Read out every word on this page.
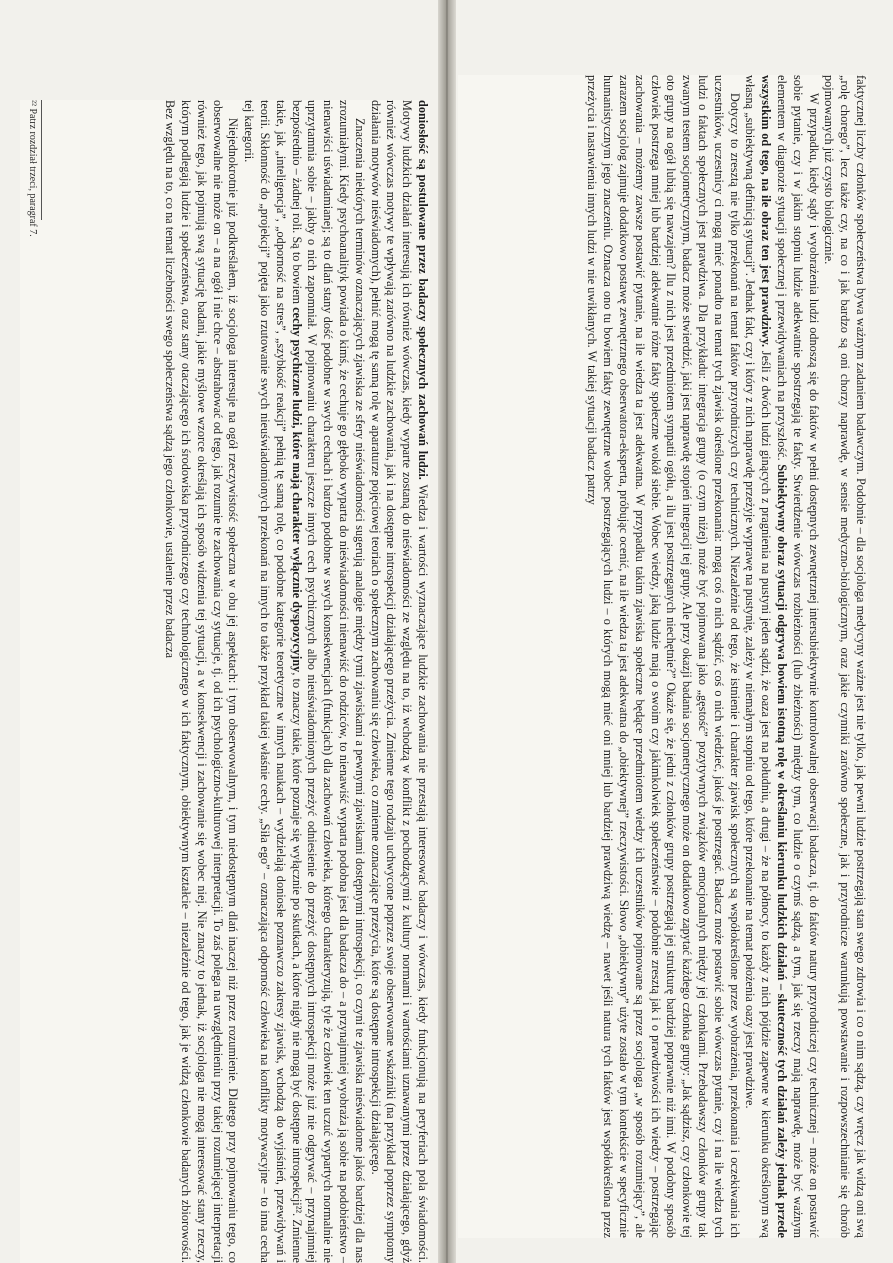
doniosłość są postulowane przez badaczy społecznych zachowań ludzi. Wiedza i wartości wyznaczające ludzkie zachowania nie przestają interesować badaczy i wówczas, kiedy funkcjonują na peryferiach pola świadomości. Motywy ludzkich działań interesują ich również wówczas, kiedy wyparte zostaną do nieświadomości ze względu na to, iż wchodzą w konflikt z pochodzącymi z kultury normami i wartościami uznawanymi przez działającego, gdyż również wówczas motywy te wpływają zarówno na ludzkie zachowania, jak i na dostępne introspekcji działającego przeżycia. Zmienne tego rodzaju uchwycone poprzez swoje obserwowane wskaźniki (na przykład poprzez symptomy działania motywów nieświadomych), pełnić mogą tę samą rolę w aparaturze pojęciowej teoriach o społecznym zachowaniu się człowieka, co zmienne oznaczające przeżycia, które są dostępne introspekcji działającego.

Znaczenia niektórych terminów oznaczających zjawiska ze sfery nieświadomości sugerują analogie między tymi zjawiskami a pewnymi zjawiskami dostępnymi introspekcji, co czyni te zjawiska nieświadome jakoś bardziej dla nas zrozumiałymi. Kiedy psychoanalityk powiada o kimś, że cechuje go głęboko wyparta do nieświadomości nienawiść do rodziców, to nienawiść wyparta podobna jest dla badacza do – a przynajmniej wyobraża ją sobie na podobieństwo – nienawiści uświadamianej; są to dlań stany dość podobne w swych cechach i bardzo podobne w swych konsekwencjach (funkcjach) dla zachowań człowieka, którego charakteryzują, tyle że człowiek ten uczuć wypartych normalnie nie uprzytamnia sobie – jakby o nich zapomniał. W pojmowaniu charakteru jeszcze innych cech psychicznych albo nieuświadomionych przeżyć odniesienie do przeżyć dostępnych introspekcji może już nie odgrywać – przynajmniej bezpośrednio – żadnej roli. Są to bowiem cechy psychiczne ludzi, które mają charakter wyłącznie dyspozycyjny, to znaczy takie, które poznaje się wyłącznie po skutkach, a które nigdy nie mogą być dostępne introspekcji²². Zmienne takie, jak „inteligencja”, „odporność na stres”, „szybkość reakcji” pełnią tę samą rolę, co podobne kategorie teoretyczne w innych naukach – wydzielają doniosłe poznawczo zakresy zjawisk, wchodzą do wyjaśnień, przewidywań i teorii. Skłonność do „projekcji” pojęta jako rzutowanie swych nieuświadomionych przekonań na innych to także przykład takiej właśnie cechy. „Siła ego” – oznaczająca odporność człowieka na konflikty motywacyjne – to inna cecha tej kategorii.

Niejednokrotnie już podkreślałem, iż socjologa interesuje na ogół rzeczywistość społeczna w obu jej aspektach: i tym obserwowalnym, i tym niedostępnym dlań inaczej niż przez rozumienie. Dlatego przy pojmowaniu tego, co obserwowalne nie może on – a na ogół i nie chce – abstrahować od tego, jak rozumie te zachowania czy sytuacje, tj. od ich psychologiczno-kulturowej interpretacji. To zaś polega na uwzględnieniu przy takiej rozumiejącej interpretacji również tego, jak pojmują swą sytuację badani, jakie myślowe wzorce określają ich sposób widzenia tej sytuacji, a w konsekwencji i zachowanie się wobec niej. Nie znaczy to jednak, iż socjologa nie mogą interesować stany rzeczy, którym podlegają ludzie i społeczeństwa, oraz stany otaczającego ich środowiska przyrodniczego czy technologicznego w ich faktycznym, obiektywnym kształcie – niezależnie od tego, jak je widzą członkowie badanych zbiorowości. Bez względu na to, co na temat liczebności swego społeczeństwa sądzą jego członkowie, ustalenie przez badacza

²² Patrz rozdział trzeci, paragraf 7.	faktycznej liczby członków społeczeństwa bywa ważnym zadaniem badawczym. Podobnie – dla socjologa medycyny ważne jest nie tylko, jak pewni ludzie postrzegają stan swego zdrowia i co o nim sądzą, czy wręcz jak widzą oni swą „rolę chorego”, lecz także czy, na co i jak bardzo są oni chorzy naprawdę, w sensie medyczno-biologicznym, oraz jakie czynniki zarówno społeczne, jak i przyrodnicze warunkują powstawanie i rozpowszechnianie się chorób pojmowanych już czysto biologicznie.

W przypadku, kiedy sądy i wyobrażenia ludzi odnoszą się do faktów w pełni dostępnych zewnętrznej intersubiektywnie kontrolowalnej obserwacji badacza, tj. do faktów natury przyrodniczej czy technicznej – może on postawić sobie pytanie, czy i w jakim stopniu ludzie adekwatnie spostrzegają te fakty. Stwierdzenie wówczas rozbieżności (lub zbieżności) między tym, co ludzie o czymś sądzą, a tym, jak się rzeczy mają naprawdę, może być ważnym elementem w diagnozie sytuacji społecznej i przewidywaniach na przyszłość. Subiektywny obraz sytuacji odgrywa bowiem istotną rolę w określaniu kierunku ludzkich działań – skuteczność tych działań zależy jednak przede wszystkim od tego, na ile obraz ten jest prawdziwy. Jeśli z dwóch ludzi ginących z pragnienia na pustyni jeden sądzi, że oaza jest na południu, a drugi – że na północy, to każdy z nich pójdzie zapewne w kierunku określonym swą własną „subiektywną definicją sytuacji”. Jednak fakt, czy i który z nich naprawdę przeżyje wyprawę na pustynię, zależy w niemałym stopniu od tego, które przekonanie na temat położenia oazy jest prawdziwe.

Dotyczy to zresztą nie tylko przekonań na temat faktów przyrodniczych czy technicznych. Niezależnie od tego, że istnienie i charakter zjawisk społecznych są współokreślone przez wyobrażenia, przekonania i oczekiwania ich uczestników, uczestnicy ci mogą mieć ponadto na temat tych zjawisk określone przekonania: mogą coś o nich sądzić, coś o nich wiedzieć, jakoś je postrzegać. Badacz może postawić sobie wówczas pytanie, czy i na ile wiedza tych ludzi o faktach społecznych jest prawdziwa. Dla przykładu: integracja grupy (o czym niżej) może być pojmowana jako „gęstość” pozytywnych związków emocjonalnych między jej członkami. Przebadawszy członków grupy tak zwanym testem socjometrycznym, badacz może stwierdzić, jaki jest naprawdę stopień integracji tej grupy. Ale przy okazji badania socjometrycznego może on dodatkowo zapytać każdego członka grupy: „Jak sądzisz, czy członkowie tej oto grupy na ogół lubią się nawzajem? Ilu z nich jest przedmiotem sympatii ogółu, a ilu jest postrzeganych niechętnie?” Okaże się, że jedni z członków grupy postrzegają jej strukturę bardziej poprawnie niż inni. W podobny sposób człowiek postrzega mniej lub bardziej adekwatnie różne fakty społeczne wokół siebie. Wobec wiedzy, jaką ludzie mają o swoim czy jakimkolwiek społeczeństwie – podobnie zresztą jak i o prawdziwości ich wiedzy – postrzegając zachowania – możemy zawsze postawić pytanie, na ile wiedza ta jest adekwatna. W przypadku takim zjawiska społeczne będące przedmiotem wiedzy ich uczestników pojmowane są przez socjologa „w sposób rozumiejący”, ale zarazem socjolog zajmuje dodatkowo postawę zewnętrznego obserwatora-eksperta, próbując ocenić, na ile wiedza ta jest adekwatna do „obiektywnej” rzeczywistości. Słowo „obiektywny” użyte zostało w tym kontekście w specyficznie humanistycznym jego znaczeniu. Oznacza ono tu bowiem fakty zewnętrzne wobec postrzegających ludzi – o których mogą mieć oni mniej lub bardziej prawdziwą wiedzę – nawet jeśli natura tych faktów jest współokreślona przez przeżycia i nastawienia innych ludzi w nie uwikłanych. W takiej sytuacji badacz patrzy
